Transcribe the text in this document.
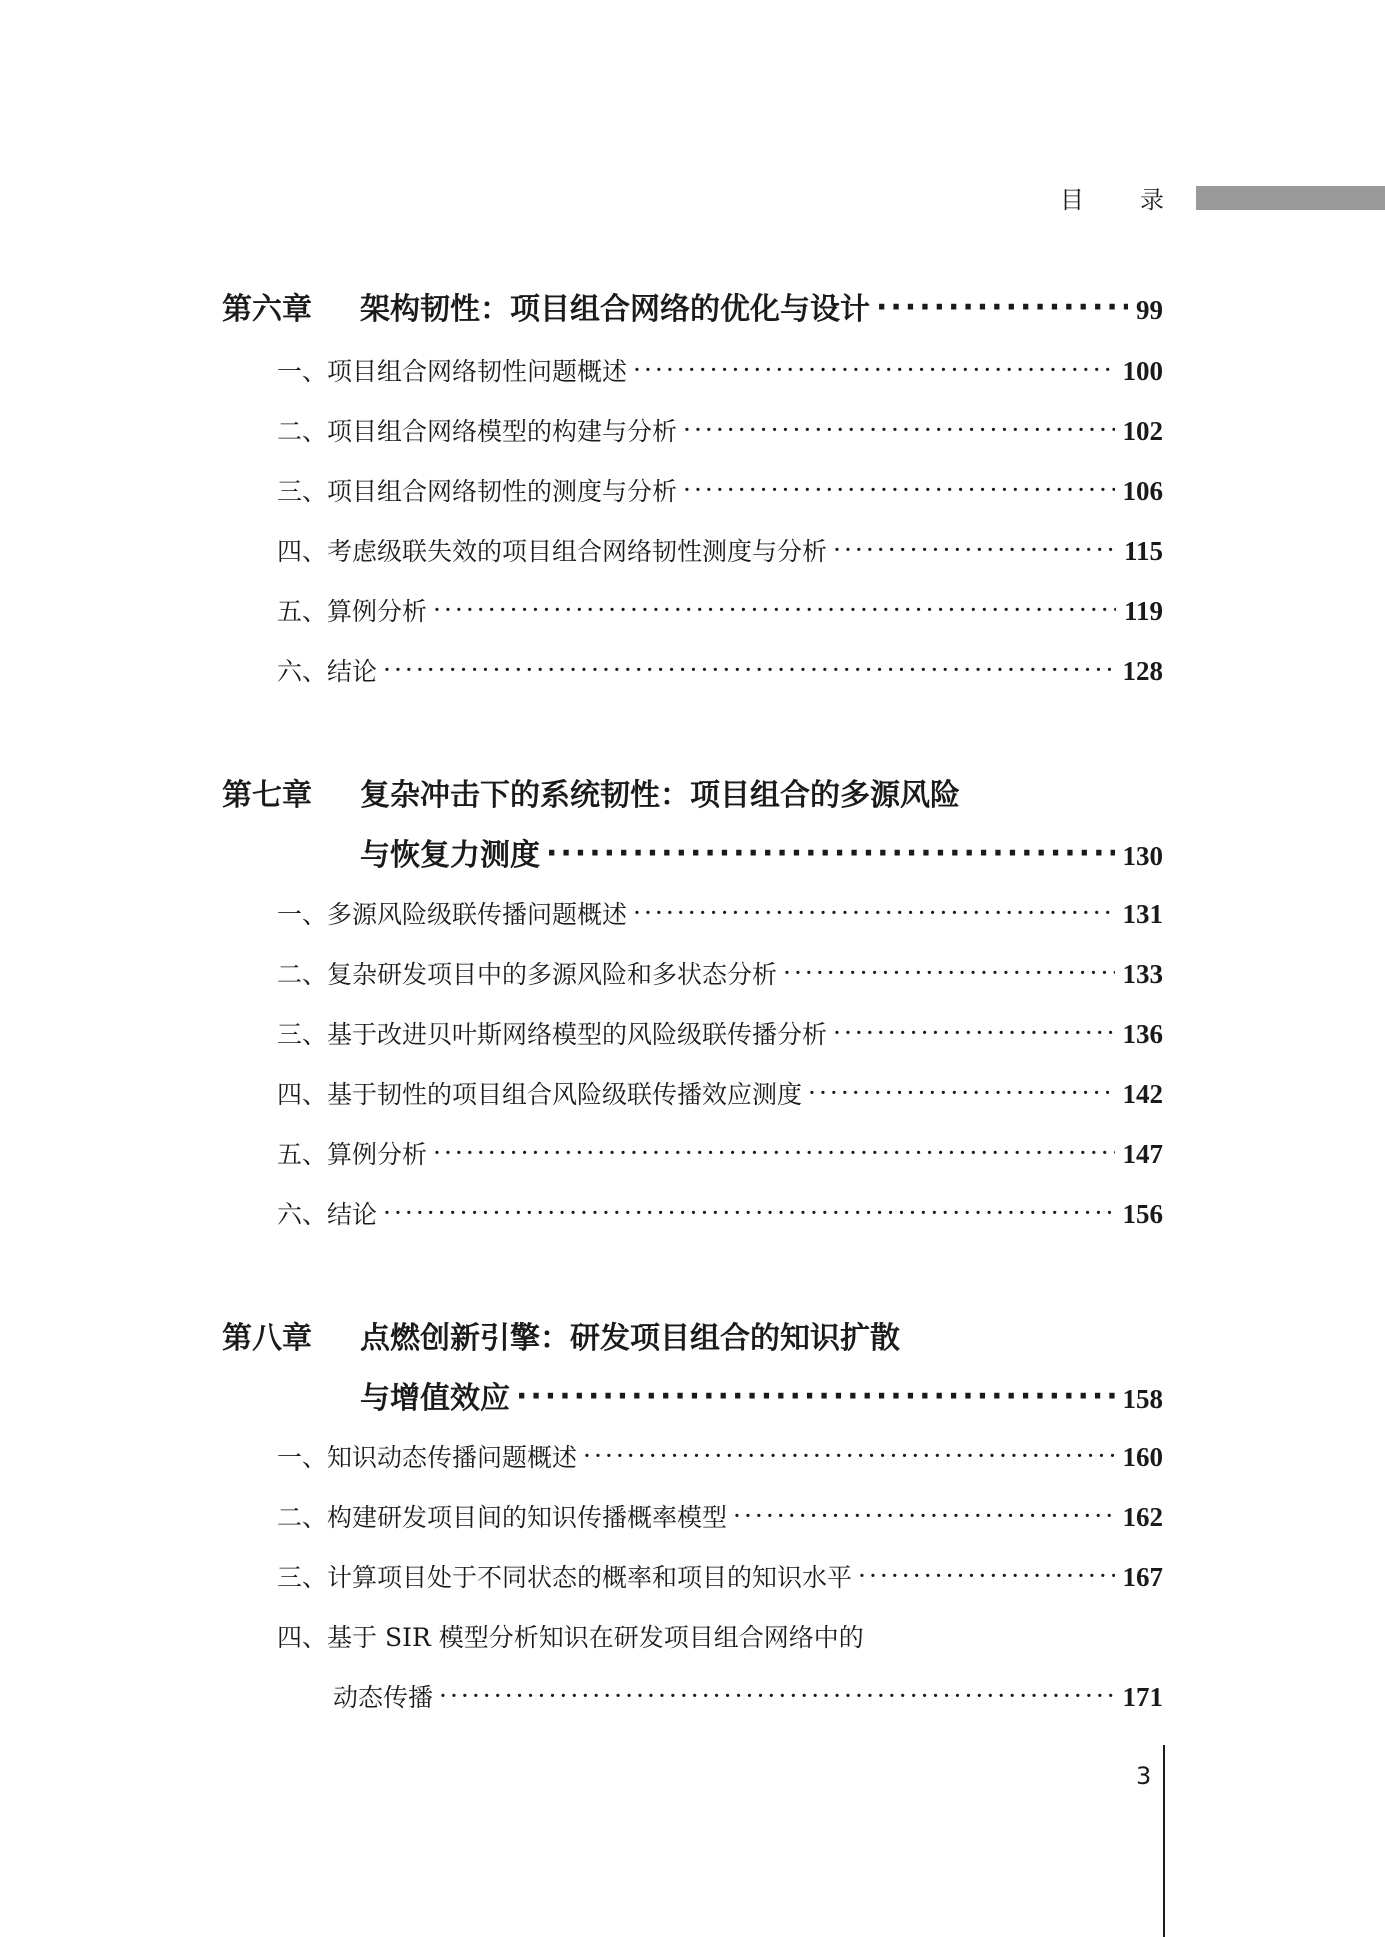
目 录
第六章 架构韧性：项目组合网络的优化与设计 ·····	99
一、项目组合网络韧性问题概述 ·····	100
二、项目组合网络模型的构建与分析 ·····	102
三、项目组合网络韧性的测度与分析 ·····	106
四、考虑级联失效的项目组合网络韧性测度与分析 ·····	115
五、算例分析 ·····	119
六、结论 ·····	128
第七章 复杂冲击下的系统韧性：项目组合的多源风险
与恢复力测度 ·····	130
一、多源风险级联传播问题概述 ·····	131
二、复杂研发项目中的多源风险和多状态分析 ·····	133
三、基于改进贝叶斯网络模型的风险级联传播分析 ·····	136
四、基于韧性的项目组合风险级联传播效应测度 ·····	142
五、算例分析 ·····	147
六、结论 ·····	156
第八章 点燃创新引擎：研发项目组合的知识扩散
与增值效应 ·····	158
一、知识动态传播问题概述 ·····	160
二、构建研发项目间的知识传播概率模型 ·····	162
三、计算项目处于不同状态的概率和项目的知识水平 ·····	167
四、基于 SIR 模型分析知识在研发项目组合网络中的
动态传播 ·····	171
3
